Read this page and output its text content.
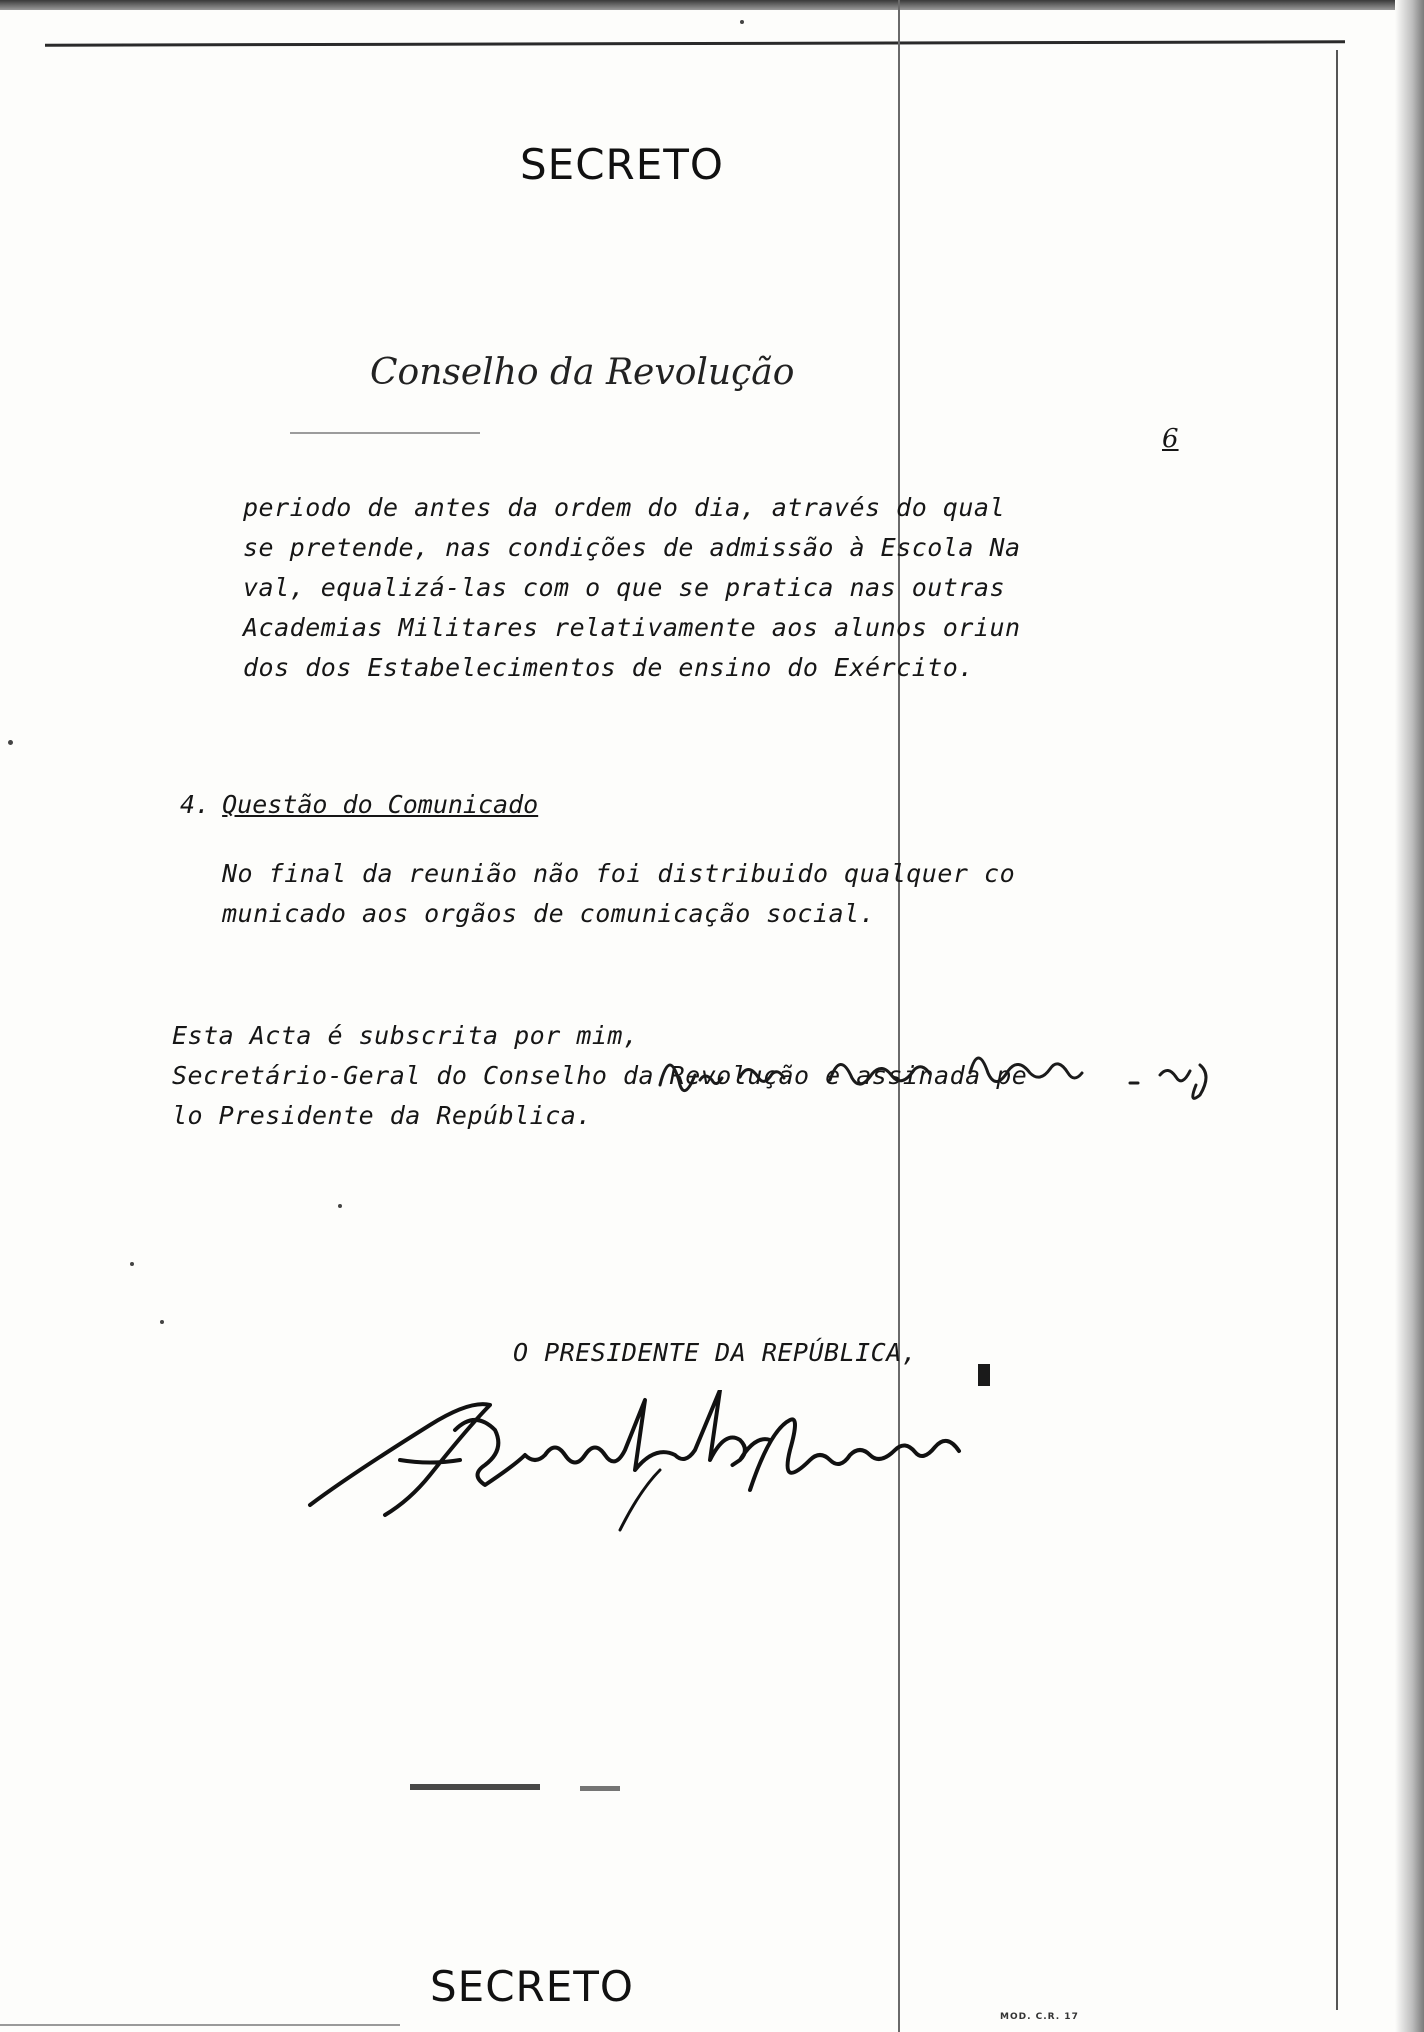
SECRETO
Conselho da Revolução
6
periodo de antes da ordem do dia, através do qual
se pretende, nas condições de admissão à Escola Na
val, equalizá-las com o que se pratica nas outras
Academias Militares relativamente aos alunos oriun
dos dos Estabelecimentos de ensino do Exército.
4. Questão do Comunicado
No final da reunião não foi distribuido qualquer co
municado aos orgãos de comunicação social.
Esta Acta é subscrita por mim,
Secretário-Geral do Conselho da Revolução e assinada pe
lo Presidente da República.
O PRESIDENTE DA REPÚBLICA,
SECRETO
MOD. C.R. 17
